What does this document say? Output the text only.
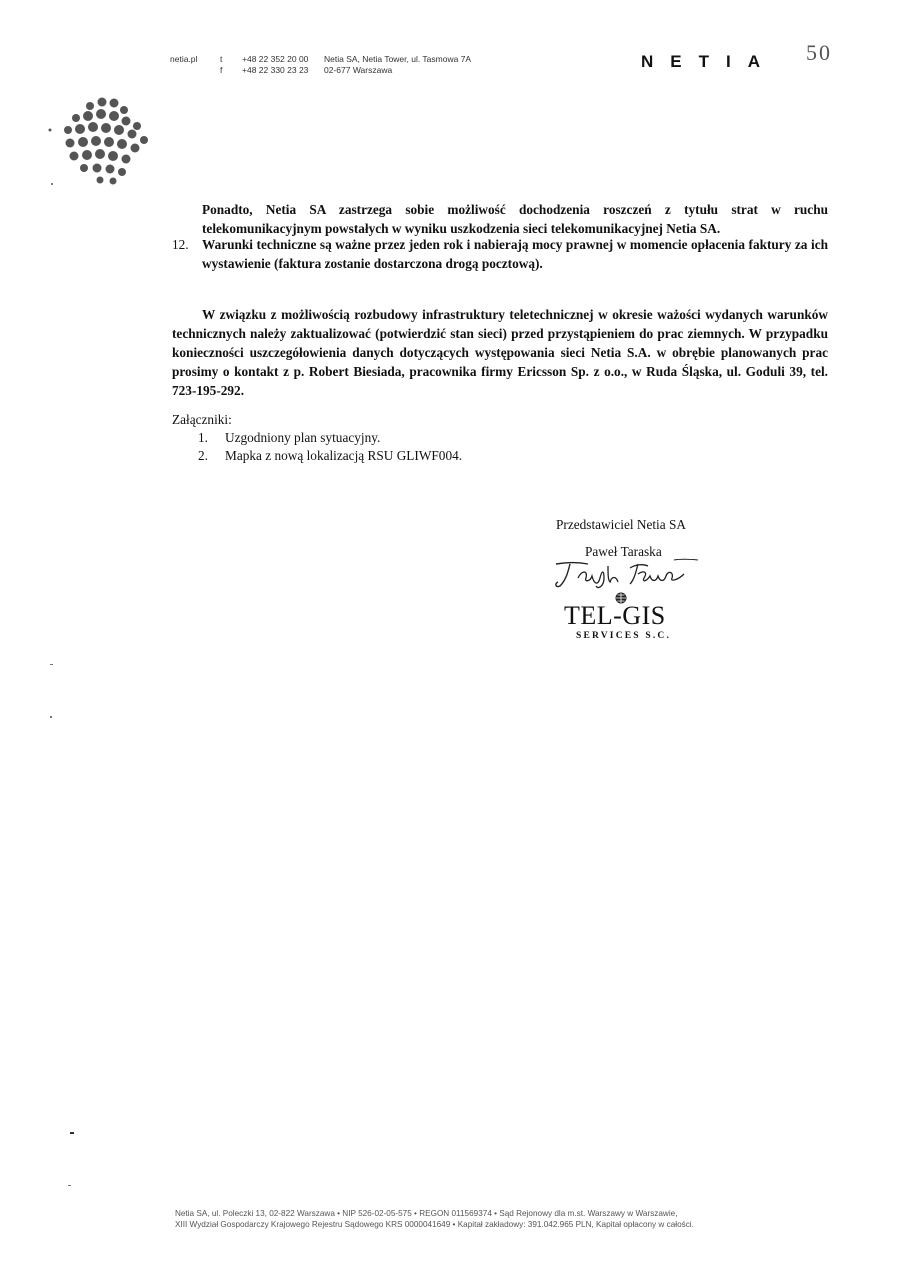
netia.pl	t
f
+48 22 352 20 00
+48 22 330 23 23
Netia SA, Netia Tower, ul. Tasmowa 7A
02-677 Warszawa	NETIA 50
Ponadto, Netia SA zastrzega sobie możliwość dochodzenia roszczeń z tytułu strat w ruchu telekomunikacyjnym powstałych w wyniku uszkodzenia sieci telekomunikacyjnej Netia SA.
12. Warunki techniczne są ważne przez jeden rok i nabierają mocy prawnej w momencie opłacenia faktury za ich wystawienie (faktura zostanie dostarczona drogą pocztową).
W związku z możliwością rozbudowy infrastruktury teletechnicznej w okresie ważości wydanych warunków technicznych należy zaktualizować (potwierdzić stan sieci) przed przystąpieniem do prac ziemnych. W przypadku konieczności uszczegółowienia danych dotyczących występowania sieci Netia S.A. w obrębie planowanych prac prosimy o kontakt z p. Robert Biesiada, pracownika firmy Ericsson Sp. z o.o., w Ruda Śląska, ul. Goduli 39, tel. 723-195-292.
Załączniki:
1. Uzgodniony plan sytuacyjny.
2. Mapka z nową lokalizacją RSU GLIWF004.
Przedstawiciel Netia SA
Paweł Taraska
TEL-GIS
SERVICES S.C.
Netia SA, ul. Poleczki 13, 02-822 Warszawa • NIP 526-02-05-575 • REGON 011569374 • Sąd Rejonowy dla m.st. Warszawy w Warszawie,
XIII Wydział Gospodarczy Krajowego Rejestru Sądowego KRS 0000041649 • Kapitał zakładowy: 391.042.965 PLN, Kapitał opłacony w całości.
